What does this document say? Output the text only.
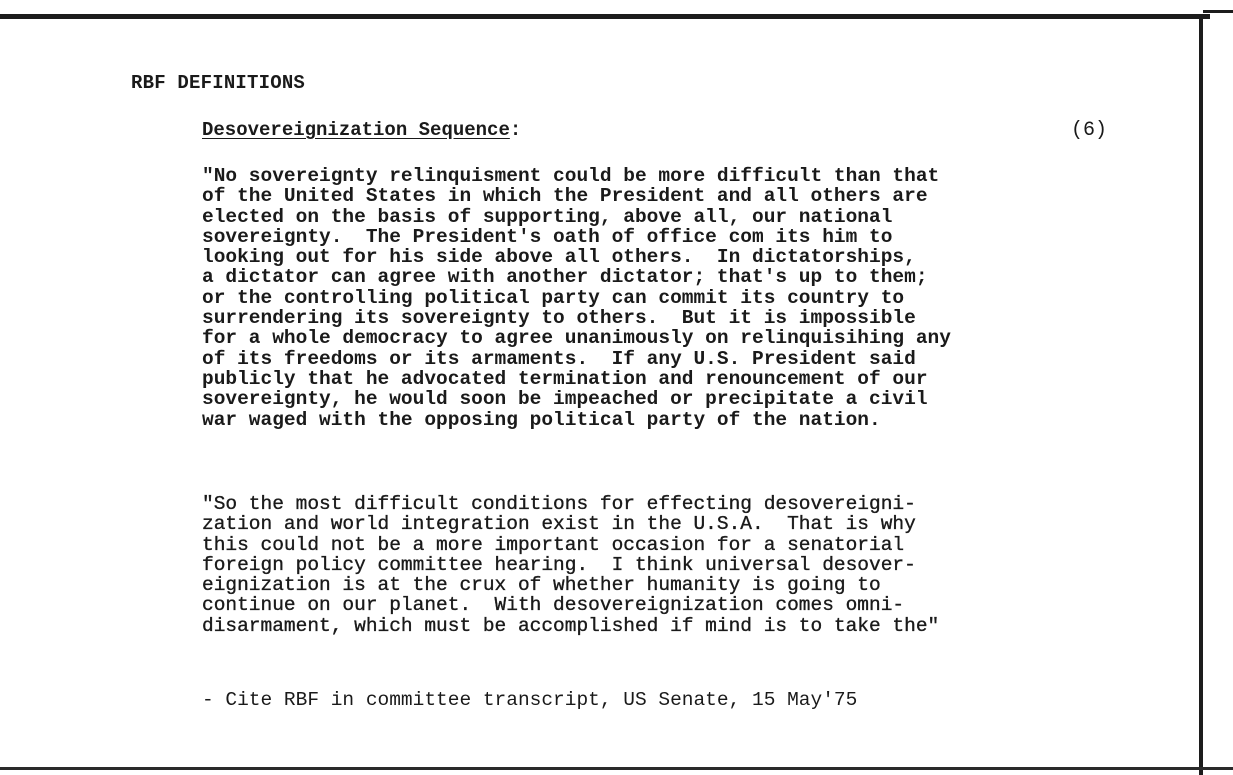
RBF DEFINITIONS
Desovereignization Sequence:	(6)

"No sovereignty relinquisment could be more difficult than that
of the United States in which the President and all others are
elected on the basis of supporting, above all, our national
sovereignty.  The President's oath of office com its him to
looking out for his side above all others.  In dictatorships,
a dictator can agree with another dictator; that's up to them;
or the controlling political party can commit its country to
surrendering its sovereignty to others.  But it is impossible
for a whole democracy to agree unanimously on relinquisihing any
of its freedoms or its armaments.  If any U.S. President said
publicly that he advocated termination and renouncement of our
sovereignty, he would soon be impeached or precipitate a civil
war waged with the opposing political party of the nation.

"So the most difficult conditions for effecting desovereigni-
zation and world integration exist in the U.S.A.  That is why
this could not be a more important occasion for a senatorial
foreign policy committee hearing.  I think universal desover-
eignization is at the crux of whether humanity is going to
continue on our planet.  With desovereignization comes omni-
disarmament, which must be accomplished if mind is to take the"

- Cite RBF in committee transcript, US Senate, 15 May'75
